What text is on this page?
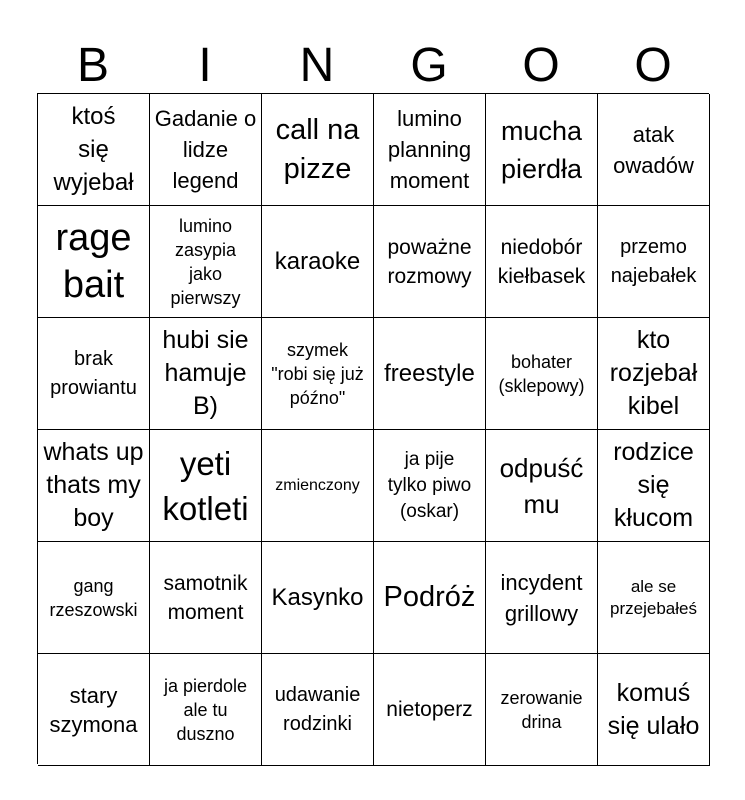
B	I	N	G	O	O
ktoś się wyjebał
Gadanie o lidze legend
call na pizze
lumino planning moment
mucha pierdła
atak owadów
rage bait
lumino zasypia jako pierwszy
karaoke
poważne rozmowy
niedobór kiełbasek
przemo najebałek
brak prowiantu
hubi sie hamuje B)
szymek "robi się już późno"
freestyle	bohater (sklepowy)
kto rozjebał kibel
whats up thats my boy
yeti kotleti
zmienczony
ja pije tylko piwo (oskar)
odpuść mu
rodzice się kłucom
gang rzeszowski
samotnik moment
Kasynko Podróż	incydent grillowy
ale se przejebałeś
stary szymona
ja pierdole ale tu duszno
udawanie rodzinki
nietoperz
zerowanie drina
komuś się ulało
